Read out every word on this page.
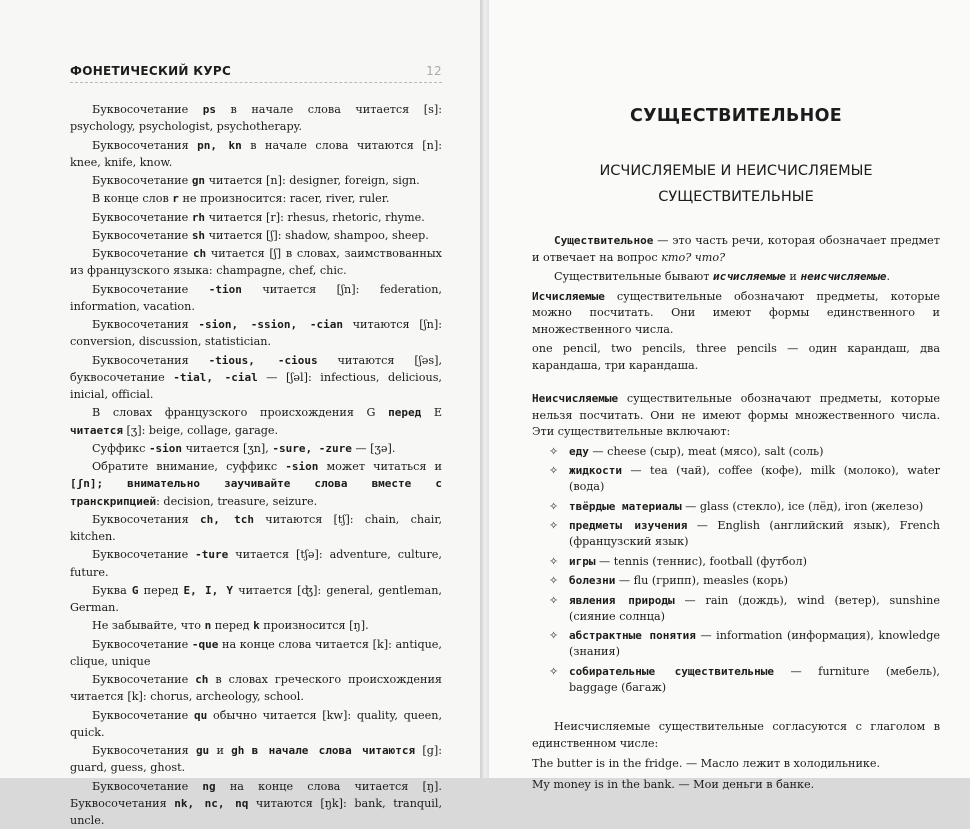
ФОНЕТИЧЕСКИЙ КУРС	12

Буквосочетание ps в начале слова читается [s]: psychology, psychologist, psychotherapy.

Буквосочетания pn, kn в начале слова читаются [n]: knee, knife, know.

Буквосочетание gn читается [n]: designer, foreign, sign.

В конце слов r не произносится: racer, river, ruler.

Буквосочетание rh читается [r]: rhesus, rhetoric, rhyme.

Буквосочетание sh читается [ʃ]: shadow, shampoo, sheep.

Буквосочетание ch читается [ʃ] в словах, заимствованных из французского языка: champagne, chef, chic.

Буквосочетание -tion читается [ʃn]: federation, information, vacation.

Буквосочетания -sion, -ssion, -cian читаются [ʃn]: conversion, discussion, statistician.

Буквосочетания -tious, -cious читаются [ʃəs], буквосочетание -tial, -cial — [ʃəl]: infectious, delicious, inicial, official.

В словах французского происхождения G перед E читается [ʒ]: beige, collage, garage.

Суффикс -sion читается [ʒn], -sure, -zure — [ʒə].

Обратите внимание, суффикс -sion может читаться и [ʃn]; внимательно заучивайте слова вместе с транскрипцией: decision, treasure, seizure.

Буквосочетания ch, tch читаются [tʃ]: chain, chair, kitchen.

Буквосочетание -ture читается [tʃə]: adventure, culture, future.

Буква G перед E, I, Y читается [ʤ]: general, gentleman, German.

Не забывайте, что n перед k произносится [ŋ].

Буквосочетание -que на конце слова читается [k]: antique, clique, unique

Буквосочетание ch в словах греческого происхождения читается [k]: chorus, archeology, school.

Буквосочетание qu обычно читается [kw]: quality, queen, quick.

Буквосочетания gu и gh в начале слова читаются [g]: guard, guess, ghost.

Буквосочетание ng на конце слова читается [ŋ]. Буквосочетания nk, nc, nq читаются [ŋk]: bank, tranquil, uncle.

СУЩЕСТВИТЕЛЬНОЕ
ИСЧИСЛЯЕМЫЕ И НЕИСЧИСЛЯЕМЫЕ
СУЩЕСТВИТЕЛЬНЫЕ

Существительное — это часть речи, которая обозначает предмет и отвечает на вопрос кто? что?

Существительные бывают исчисляемые и неисчисляемые.

Исчисляемые существительные обозначают предметы, которые можно посчитать. Они имеют формы единственного и множественного числа.

one pencil, two pencils, three pencils — один карандаш, два карандаша, три карандаша.

Неисчисляемые существительные обозначают предметы, которые нельзя посчитать. Они не имеют формы множественного числа. Эти существительные включают:

✧ еду — cheese (сыр), meat (мясо), salt (соль)
✧ жидкости — tea (чай), coffee (кофе), milk (молоко), water (вода)
✧ твёрдые материалы — glass (стекло), ice (лёд), iron (железо)
✧ предметы изучения — English (английский язык), French (французский язык)
✧ игры — tennis (теннис), football (футбол)
✧ болезни — flu (грипп), measles (корь)
✧ явления природы — rain (дождь), wind (ветер), sunshine (сияние солнца)
✧ абстрактные понятия — information (информация), knowledge (знания)
✧ собирательные существительные — furniture (мебель), baggage (багаж)

Неисчисляемые существительные согласуются с глаголом в единственном числе:

The butter is in the fridge. — Масло лежит в холодильнике.

My money is in the bank. — Мои деньги в банке.
